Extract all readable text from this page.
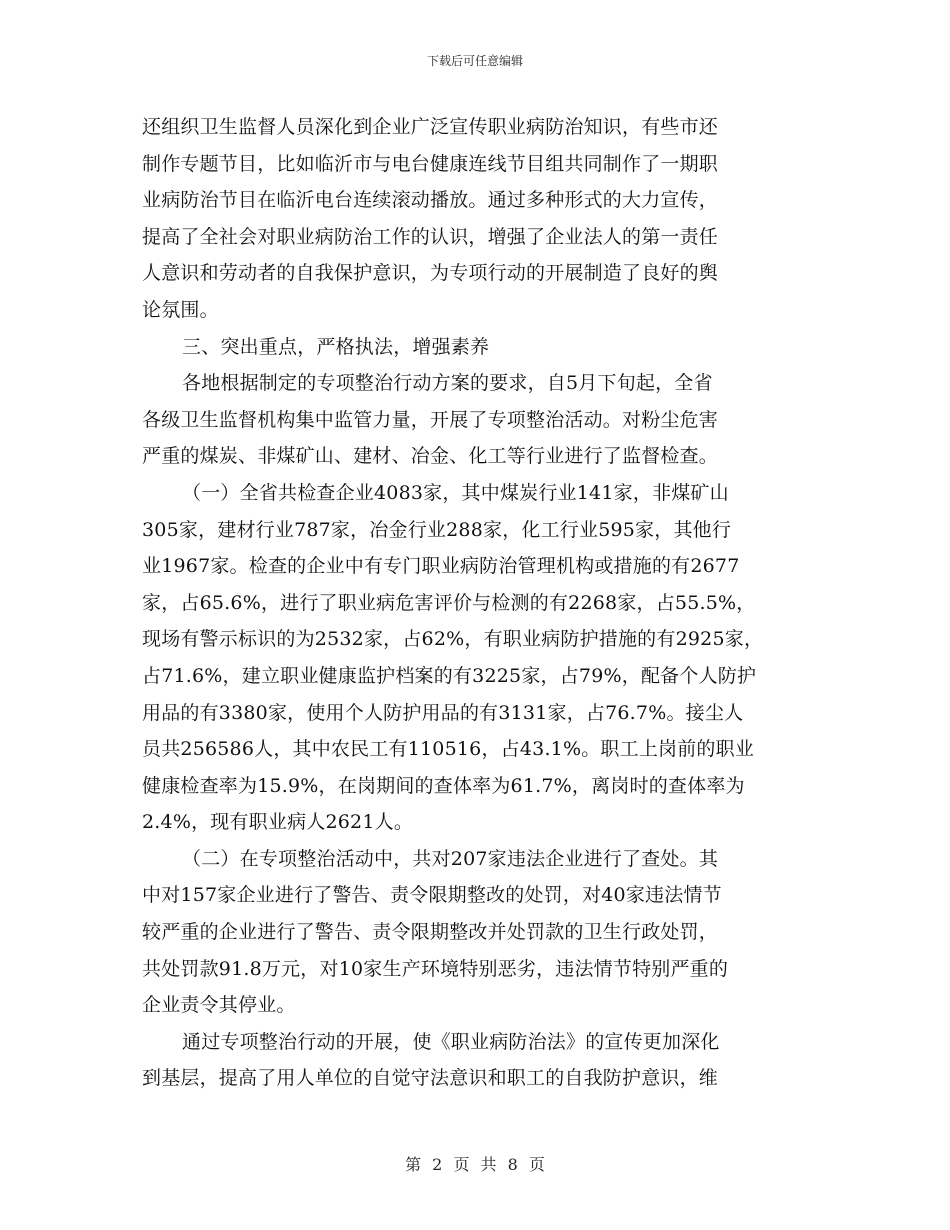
下载后可任意编辑
还组织卫生监督人员深化到企业广泛宣传职业病防治知识，有些市还
制作专题节目，比如临沂市与电台健康连线节目组共同制作了一期职
业病防治节目在临沂电台连续滚动播放。通过多种形式的大力宣传，
提高了全社会对职业病防治工作的认识，增强了企业法人的第一责任
人意识和劳动者的自我保护意识，为专项行动的开展制造了良好的舆
论氛围。
三、突出重点，严格执法，增强素养
各地根据制定的专项整治行动方案的要求，自5月下旬起，全省
各级卫生监督机构集中监管力量，开展了专项整治活动。对粉尘危害
严重的煤炭、非煤矿山、建材、冶金、化工等行业进行了监督检查。
（一）全省共检查企业4083家，其中煤炭行业141家，非煤矿山
305家，建材行业787家，冶金行业288家，化工行业595家，其他行
业1967家。检查的企业中有专门职业病防治管理机构或措施的有2677
家，占65.6%，进行了职业病危害评价与检测的有2268家，占55.5%，
现场有警示标识的为2532家，占62%，有职业病防护措施的有2925家，
占71.6%，建立职业健康监护档案的有3225家，占79%，配备个人防护
用品的有3380家，使用个人防护用品的有3131家，占76.7%。接尘人
员共256586人，其中农民工有110516，占43.1%。职工上岗前的职业
健康检查率为15.9%，在岗期间的查体率为61.7%，离岗时的查体率为
2.4%，现有职业病人2621人。
（二）在专项整治活动中，共对207家违法企业进行了查处。其
中对157家企业进行了警告、责令限期整改的处罚，对40家违法情节
较严重的企业进行了警告、责令限期整改并处罚款的卫生行政处罚，
共处罚款91.8万元，对10家生产环境特别恶劣，违法情节特别严重的
企业责令其停业。
通过专项整治行动的开展，使《职业病防治法》的宣传更加深化
到基层，提高了用人单位的自觉守法意识和职工的自我防护意识，维
第 2 页 共 8 页
